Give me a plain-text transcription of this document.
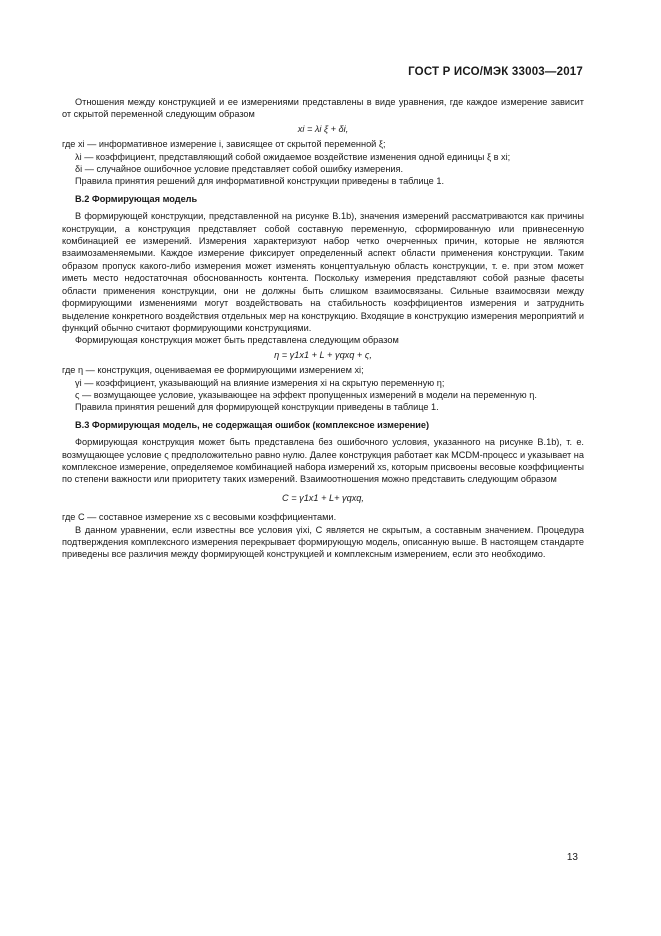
ГОСТ Р ИСО/МЭК 33003—2017

Отношения между конструкцией и ее измерениями представлены в виде уравнения, где каждое измерение зависит от скрытой переменной следующим образом

xi = λi ξ + δi,

где xi — информативное измерение i, зависящее от скрытой переменной ξ;

λi — коэффициент, представляющий собой ожидаемое воздействие изменения одной единицы ξ в xi;

δi — случайное ошибочное условие представляет собой ошибку измерения.

Правила принятия решений для информативной конструкции приведены в таблице 1.

В.2 Формирующая модель

В формирующей конструкции, представленной на рисунке В.1b), значения измерений рассматриваются как причины конструкции, а конструкция представляет собой составную переменную, сформированную или привнесенную комбинацией ее измерений. Измерения характеризуют набор четко очерченных причин, которые не являются взаимозаменяемыми. Каждое измерение фиксирует определенный аспект области применения конструкции. Таким образом пропуск какого-либо измерения может изменять концептуальную область конструкции, т. е. при этом может иметь место недостаточная обоснованность контента. Поскольку измерения представляют собой разные фасеты области применения конструкции, они не должны быть слишком взаимосвязаны. Сильные взаимосвязи между формирующими изменениями могут воздействовать на стабильность коэффициентов измерения и затруднить выделение конкретного воздействия отдельных мер на конструкцию. Входящие в конструкцию измерения мероприятий и функций обычно считают формирующими конструкциями.

Формирующая конструкция может быть представлена следующим образом

η = γ1x1 + L + γqxq + ς,

где η — конструкция, оцениваемая ее формирующими измерением xi;

γi — коэффициент, указывающий на влияние измерения xi на скрытую переменную η;

ς — возмущающее условие, указывающее на эффект пропущенных измерений в модели на переменную η.

Правила принятия решений для формирующей конструкции приведены в таблице 1.

В.3 Формирующая модель, не содержащая ошибок (комплексное измерение)

Формирующая конструкция может быть представлена без ошибочного условия, указанного на рисунке В.1b), т. е. возмущающее условие ς предположительно равно нулю. Далее конструкция работает как MCDM-процесс и указывает на комплексное измерение, определяемое комбинацией набора измерений xs, которым присвоены весовые коэффициенты по степени важности или приоритету таких измерений. Взаимоотношения можно представить следующим образом

C = γ1x1 + L+ γqxq,

где C — составное измерение xs с весовыми коэффициентами.

В данном уравнении, если известны все условия γixi, C является не скрытым, а составным значением. Процедура подтверждения комплексного измерения перекрывает формирующую модель, описанную выше. В настоящем стандарте приведены все различия между формирующей конструкцией и комплексным измерением, если это необходимо.

13
